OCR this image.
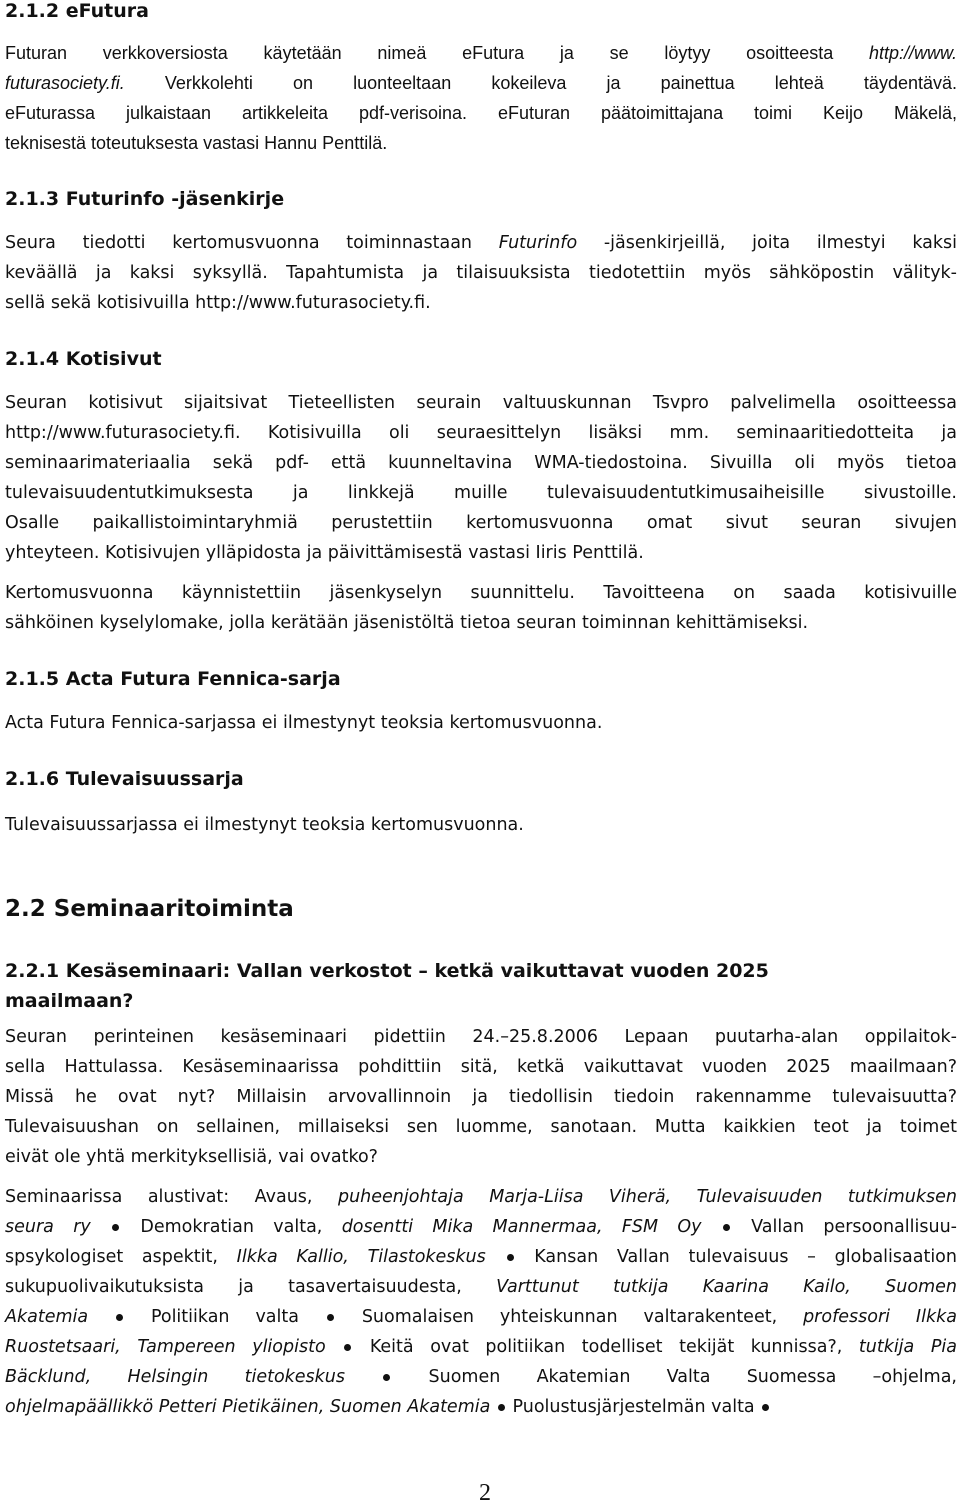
2.1.2 eFutura
Futuran verkkoversiosta käytetään nimeä eFutura ja se löytyy osoitteesta http://www.
futurasociety.fi. Verkkolehti on luonteeltaan kokeileva ja painettua lehteä täydentävä.
eFuturassa julkaistaan artikkeleita pdf-verisoina. eFuturan päätoimittajana toimi Keijo Mäkelä,
teknisestä toteutuksesta vastasi Hannu Penttilä.
2.1.3 Futurinfo -jäsenkirje
Seura tiedotti kertomusvuonna toiminnastaan Futurinfo -jäsenkirjeillä, joita ilmestyi kaksi
keväällä ja kaksi syksyllä. Tapahtumista ja tilaisuuksista tiedotettiin myös sähköpostin välityk-
sellä sekä kotisivuilla http://www.futurasociety.fi.
2.1.4 Kotisivut
Seuran kotisivut sijaitsivat Tieteellisten seurain valtuuskunnan Tsvpro palvelimella osoitteessa
http://www.futurasociety.fi. Kotisivuilla oli seuraesittelyn lisäksi mm. seminaaritiedotteita ja
seminaarimateriaalia sekä pdf- että kuunneltavina WMA-tiedostoina. Sivuilla oli myös tietoa
tulevaisuudentutkimuksesta ja linkkejä muille tulevaisuudentutkimusaiheisille sivustoille.
Osalle paikallistoimintaryhmiä perustettiin kertomusvuonna omat sivut seuran sivujen
yhteyteen. Kotisivujen ylläpidosta ja päivittämisestä vastasi Iiris Penttilä.
Kertomusvuonna käynnistettiin jäsenkyselyn suunnittelu. Tavoitteena on saada kotisivuille
sähköinen kyselylomake, jolla kerätään jäsenistöltä tietoa seuran toiminnan kehittämiseksi.
2.1.5 Acta Futura Fennica-sarja
Acta Futura Fennica-sarjassa ei ilmestynyt teoksia kertomusvuonna.
2.1.6 Tulevaisuussarja
Tulevaisuussarjassa ei ilmestynyt teoksia kertomusvuonna.
2.2 Seminaaritoiminta
2.2.1 Kesäseminaari: Vallan verkostot – ketkä vaikuttavat vuoden 2025
maailmaan?
Seuran perinteinen kesäseminaari pidettiin 24.–25.8.2006 Lepaan puutarha-alan oppilaitok-
sella Hattulassa. Kesäseminaarissa pohdittiin sitä, ketkä vaikuttavat vuoden 2025 maailmaan?
Missä he ovat nyt? Millaisin arvovallinnoin ja tiedollisin tiedoin rakennamme tulevaisuutta?
Tulevaisuushan on sellainen, millaiseksi sen luomme, sanotaan. Mutta kaikkien teot ja toimet
eivät ole yhtä merkityksellisiä, vai ovatko?
Seminaarissa alustivat: Avaus, puheenjohtaja Marja-Liisa Viherä, Tulevaisuuden tutkimuksen
seura ry	Demokratian valta, dosentti Mika Mannermaa, FSM Oy	Vallan persoonallisuu-
spsykologiset aspektit, Ilkka Kallio, Tilastokeskus	Kansan Vallan tulevaisuus – globalisaation
sukupuolivaikutuksista ja tasavertaisuudesta, Varttunut tutkija Kaarina Kailo, Suomen
Akatemia	Politiikan valta	Suomalaisen yhteiskunnan valtarakenteet, professori Ilkka
Ruostetsaari, Tampereen yliopisto	Keitä ovat politiikan todelliset tekijät kunnissa?, tutkija Pia
Bäcklund, Helsingin tietokeskus	Suomen Akatemian Valta Suomessa –ohjelma,
ohjelmapäällikkö Petteri Pietikäinen, Suomen Akatemia Puolustusjärjestelmän valta
2
